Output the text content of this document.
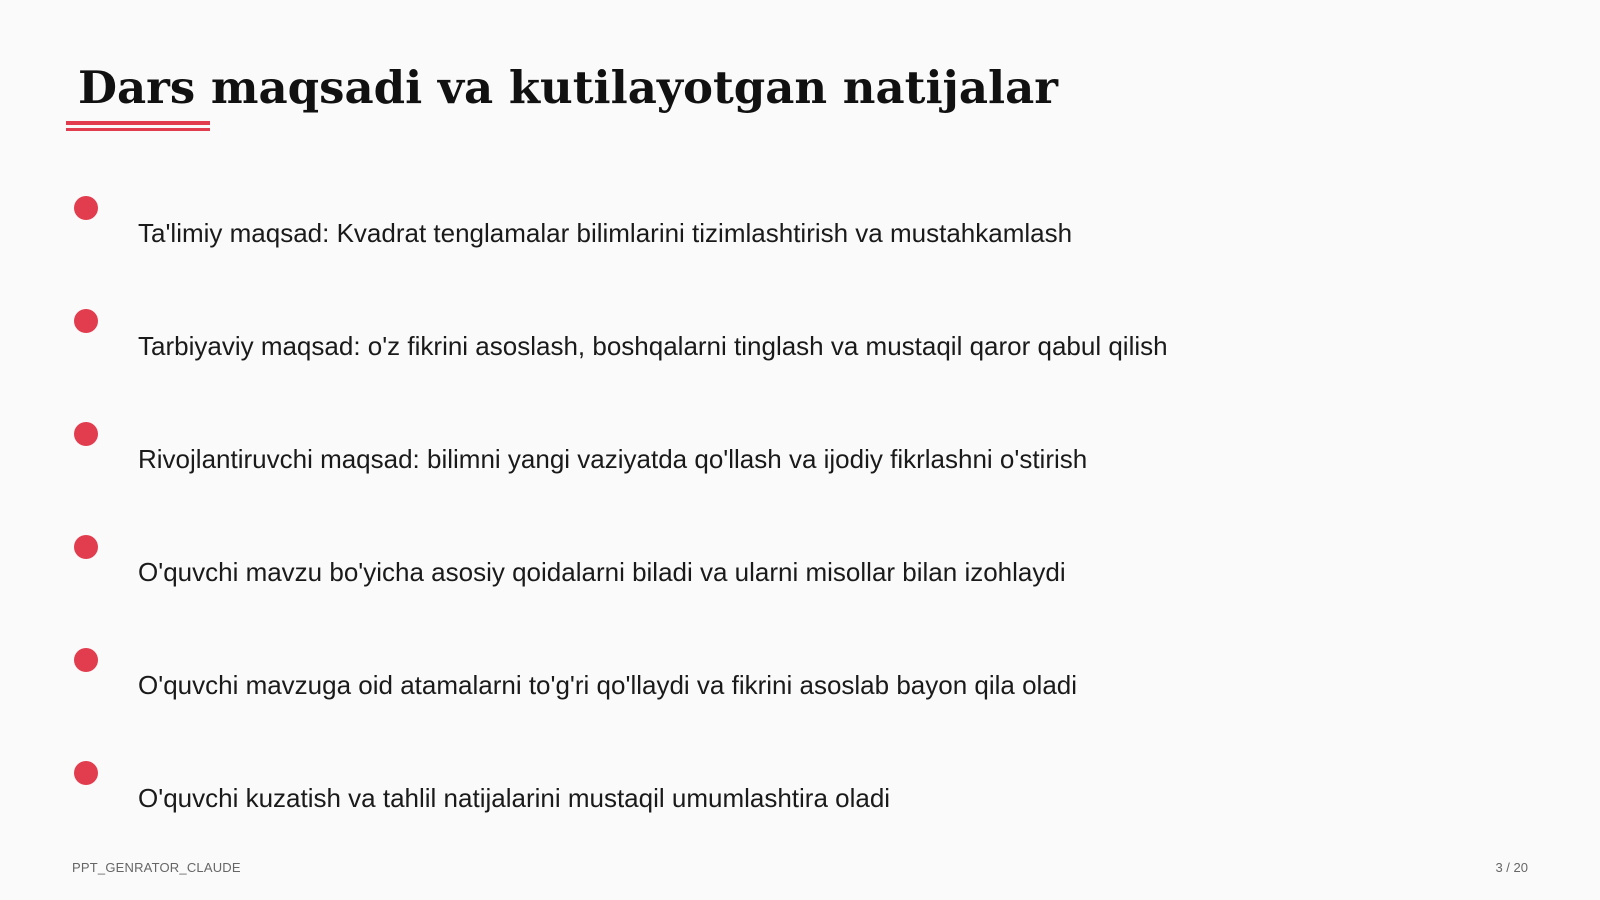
Dars maqsadi va kutilayotgan natijalar
Ta'limiy maqsad: Kvadrat tenglamalar bilimlarini tizimlashtirish va mustahkamlash
Tarbiyaviy maqsad: o'z fikrini asoslash, boshqalarni tinglash va mustaqil qaror qabul qilish
Rivojlantiruvchi maqsad: bilimni yangi vaziyatda qo'llash va ijodiy fikrlashni o'stirish
O'quvchi mavzu bo'yicha asosiy qoidalarni biladi va ularni misollar bilan izohlaydi
O'quvchi mavzuga oid atamalarni to'g'ri qo'llaydi va fikrini asoslab bayon qila oladi
O'quvchi kuzatish va tahlil natijalarini mustaqil umumlashtira oladi
PPT_GENRATOR_CLAUDE	3 / 20
